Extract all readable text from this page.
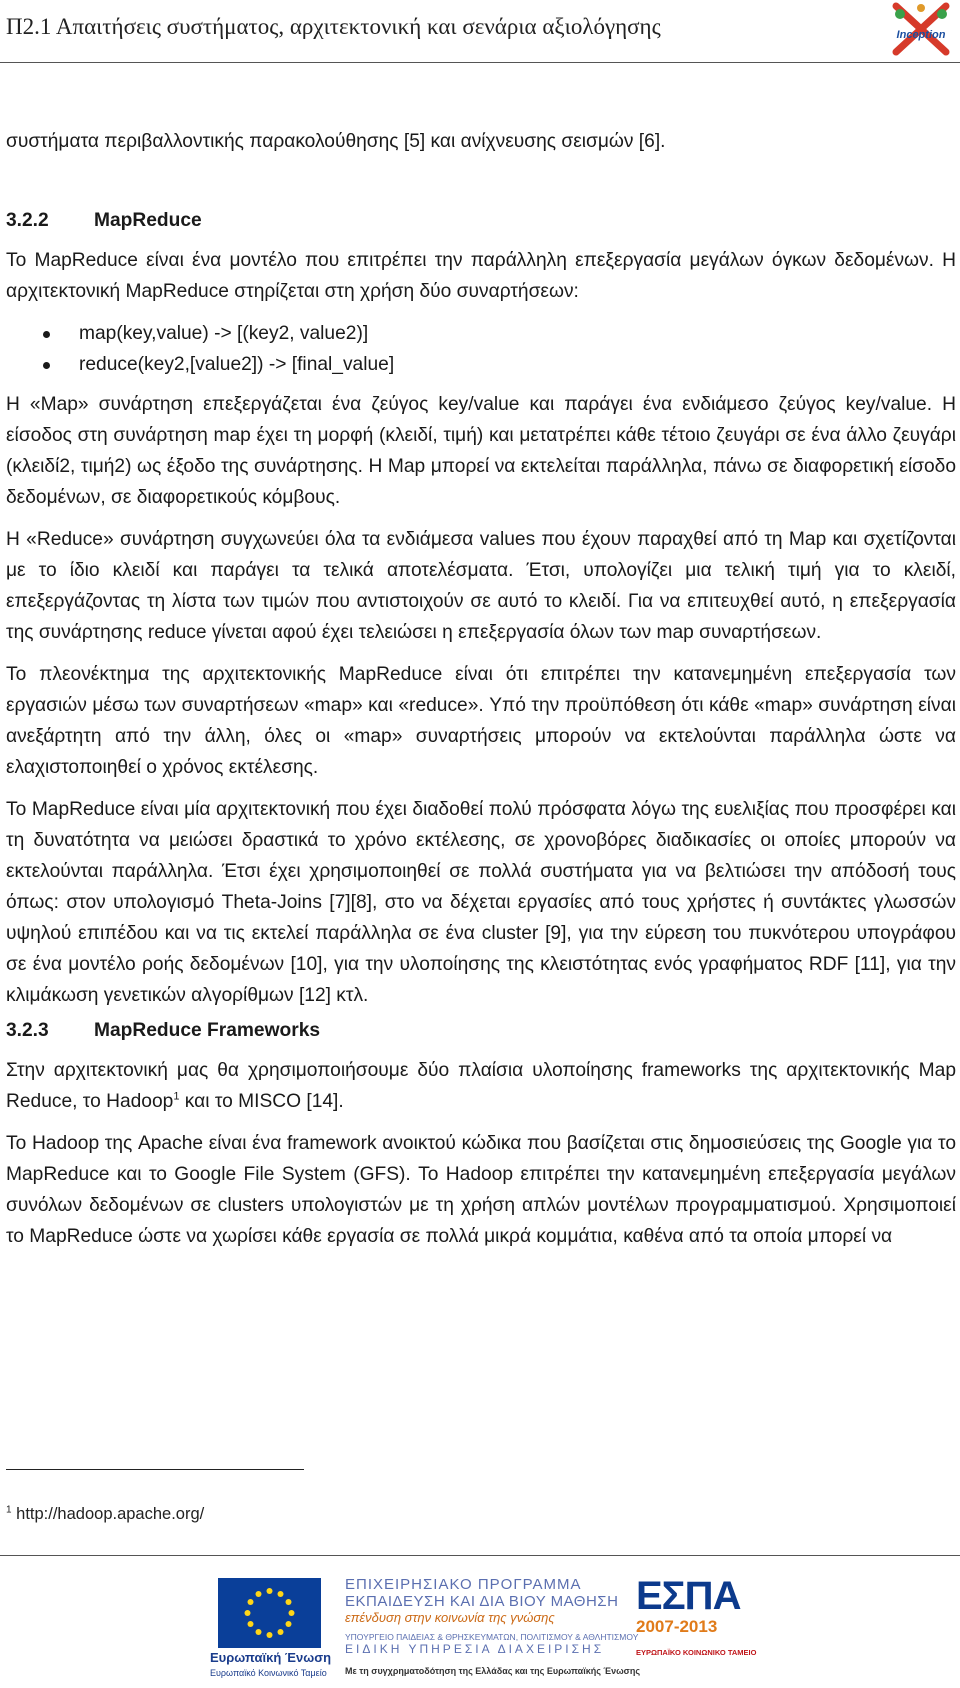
Π2.1 Απαιτήσεις συστήματος, αρχιτεκτονική και σενάρια αξιολόγησης	Inception

συστήματα περιβαλλοντικής παρακολούθησης [5] και ανίχνευσης σεισμών [6].

3.2.2	MapReduce

Το MapReduce είναι ένα μοντέλο που επιτρέπει την παράλληλη επεξεργασία μεγάλων όγκων δεδομένων. Η αρχιτεκτονική MapReduce στηρίζεται στη χρήση δύο συναρτήσεων:

map(key,value) -> [(key2, value2)]
reduce(key2,[value2]) -> [final_value]

Η «Map» συνάρτηση επεξεργάζεται ένα ζεύγος key/value και παράγει ένα ενδιάμεσο ζεύγος key/value. Η είσοδος στη συνάρτηση map έχει τη μορφή (κλειδί, τιμή) και μετατρέπει κάθε τέτοιο ζευγάρι σε ένα άλλο ζευγάρι (κλειδί2, τιμή2) ως έξοδο της συνάρτησης. Η Map μπορεί να εκτελείται παράλληλα, πάνω σε διαφορετική είσοδο δεδομένων, σε διαφορετικούς κόμβους.

Η «Reduce» συνάρτηση συγχωνεύει όλα τα ενδιάμεσα values που έχουν παραχθεί από τη Map και σχετίζονται με το ίδιο κλειδί και παράγει τα τελικά αποτελέσματα. Έτσι, υπολογίζει μια τελική τιμή για το κλειδί, επεξεργάζοντας τη λίστα των τιμών που αντιστοιχούν σε αυτό το κλειδί. Για να επιτευχθεί αυτό, η επεξεργασία της συνάρτησης reduce γίνεται αφού έχει τελειώσει η επεξεργασία όλων των map συναρτήσεων.

Το πλεονέκτημα της αρχιτεκτονικής MapReduce είναι ότι επιτρέπει την κατανεμημένη επεξεργασία των εργασιών μέσω των συναρτήσεων «map» και «reduce». Υπό την προϋπόθεση ότι κάθε «map» συνάρτηση είναι ανεξάρτητη από την άλλη, όλες οι «map» συναρτήσεις μπορούν να εκτελούνται παράλληλα ώστε να ελαχιστοποιηθεί ο χρόνος εκτέλεσης.

Το MapReduce είναι μία αρχιτεκτονική που έχει διαδοθεί πολύ πρόσφατα λόγω της ευελιξίας που προσφέρει και τη δυνατότητα να μειώσει δραστικά το χρόνο εκτέλεσης, σε χρονοβόρες διαδικασίες οι οποίες μπορούν να εκτελούνται παράλληλα. Έτσι έχει χρησιμοποιηθεί σε πολλά συστήματα για να βελτιώσει την απόδοσή τους όπως: στον υπολογισμό Theta-Joins [7][8], στο να δέχεται εργασίες από τους χρήστες ή συντάκτες γλωσσών υψηλού επιπέδου και να τις εκτελεί παράλληλα σε ένα cluster [9], για την εύρεση του πυκνότερου υπογράφου σε ένα μοντέλο ροής δεδομένων [10], για την υλοποίησης της κλειστότητας ενός γραφήματος RDF [11], για την κλιμάκωση γενετικών αλγορίθμων [12] κτλ.

3.2.3	MapReduce Frameworks

Στην αρχιτεκτονική μας θα χρησιμοποιήσουμε δύο πλαίσια υλοποίησης frameworks της αρχιτεκτονικής Map Reduce, το Hadoop$^1$ και το MISCO [14].

Το Hadoop της Apache είναι ένα framework ανοικτού κώδικα που βασίζεται στις δημοσιεύσεις της Google για το MapReduce και το Google File System (GFS). Το Hadoop επιτρέπει την κατανεμημένη επεξεργασία μεγάλων συνόλων δεδομένων σε clusters υπολογιστών με τη χρήση απλών μοντέλων προγραμματισμού. Χρησιμοποιεί το MapReduce ώστε να χωρίσει κάθε εργασία σε πολλά μικρά κομμάτια, καθένα από τα οποία μπορεί να

$^1$ http://hadoop.apache.org/
Ευρωπαϊκή Ένωση
Ευρωπαϊκό Κοινωνικό Ταμείο
ΕΠΙΧΕΙΡΗΣΙΑΚΟ ΠΡΟΓΡΑΜΜΑ
ΕΚΠΑΙΔΕΥΣΗ ΚΑΙ ΔΙΑ ΒΙΟΥ ΜΑΘΗΣΗ
επένδυση στην κοινωνία της γνώσης
ΥΠΟΥΡΓΕΙΟ ΠΑΙΔΕΙΑΣ & ΘΡΗΣΚΕΥΜΑΤΩΝ, ΠΟΛΙΤΙΣΜΟΥ & ΑΘΛΗΤΙΣΜΟΥ
ΕΙΔΙΚΗ ΥΠΗΡΕΣΙΑ ΔΙΑΧΕΙΡΙΣΗΣ
Με τη συγχρηματοδότηση της Ελλάδας και της Ευρωπαϊκής Ένωσης
ΕΣΠΑ
2007-2013
ΕΥΡΩΠΑΪΚΟ ΚΟΙΝΩΝΙΚΟ ΤΑΜΕΙΟ
